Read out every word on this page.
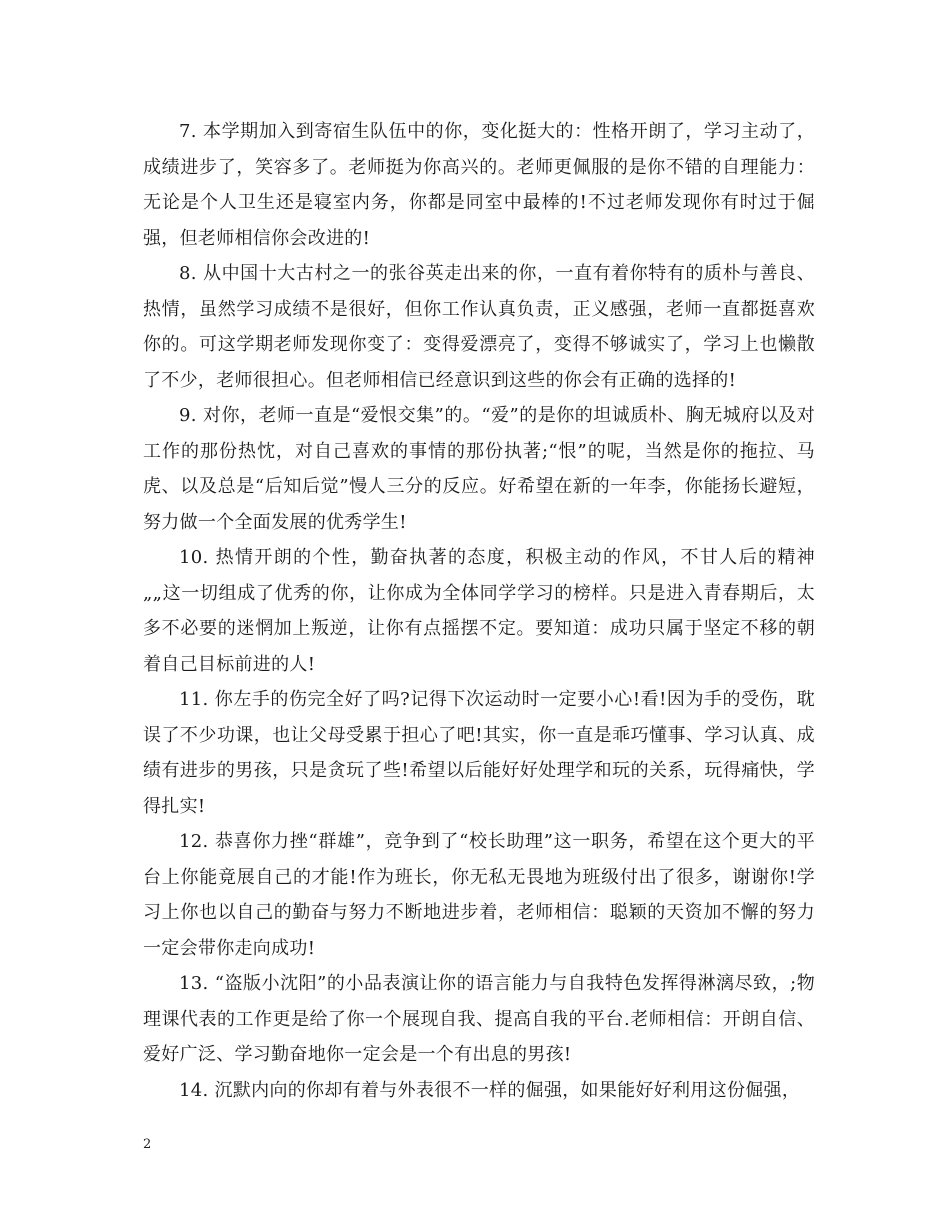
7. 本学期加入到寄宿生队伍中的你，变化挺大的：性格开朗了，学习主动了，成绩进步了，笑容多了。老师挺为你高兴的。老师更佩服的是你不错的自理能力：无论是个人卫生还是寝室内务，你都是同室中最棒的!不过老师发现你有时过于倔强，但老师相信你会改进的!

8. 从中国十大古村之一的张谷英走出来的你，一直有着你特有的质朴与善良、热情，虽然学习成绩不是很好，但你工作认真负责，正义感强，老师一直都挺喜欢你的。可这学期老师发现你变了：变得爱漂亮了，变得不够诚实了，学习上也懒散了不少，老师很担心。但老师相信已经意识到这些的你会有正确的选择的!

9. 对你，老师一直是“爱恨交集”的。“爱”的是你的坦诚质朴、胸无城府以及对工作的那份热忱，对自己喜欢的事情的那份执著;“恨”的呢，当然是你的拖拉、马虎、以及总是“后知后觉”慢人三分的反应。好希望在新的一年李，你能扬长避短，努力做一个全面发展的优秀学生!

10. 热情开朗的个性，勤奋执著的态度，积极主动的作风，不甘人后的精神„„这一切组成了优秀的你，让你成为全体同学学习的榜样。只是进入青春期后，太多不必要的迷惘加上叛逆，让你有点摇摆不定。要知道：成功只属于坚定不移的朝着自己目标前进的人!

11. 你左手的伤完全好了吗?记得下次运动时一定要小心!看!因为手的受伤，耽误了不少功课，也让父母受累于担心了吧!其实，你一直是乖巧懂事、学习认真、成绩有进步的男孩，只是贪玩了些!希望以后能好好处理学和玩的关系，玩得痛快，学得扎实!

12. 恭喜你力挫“群雄”，竞争到了“校长助理”这一职务，希望在这个更大的平台上你能竟展自己的才能!作为班长，你无私无畏地为班级付出了很多，谢谢你!学习上你也以自己的勤奋与努力不断地进步着，老师相信：聪颖的天资加不懈的努力一定会带你走向成功!

13. “盗版小沈阳”的小品表演让你的语言能力与自我特色发挥得淋漓尽致，;物理课代表的工作更是给了你一个展现自我、提高自我的平台.老师相信：开朗自信、爱好广泛、学习勤奋地你一定会是一个有出息的男孩!

14. 沉默内向的你却有着与外表很不一样的倔强，如果能好好利用这份倔强，

2
